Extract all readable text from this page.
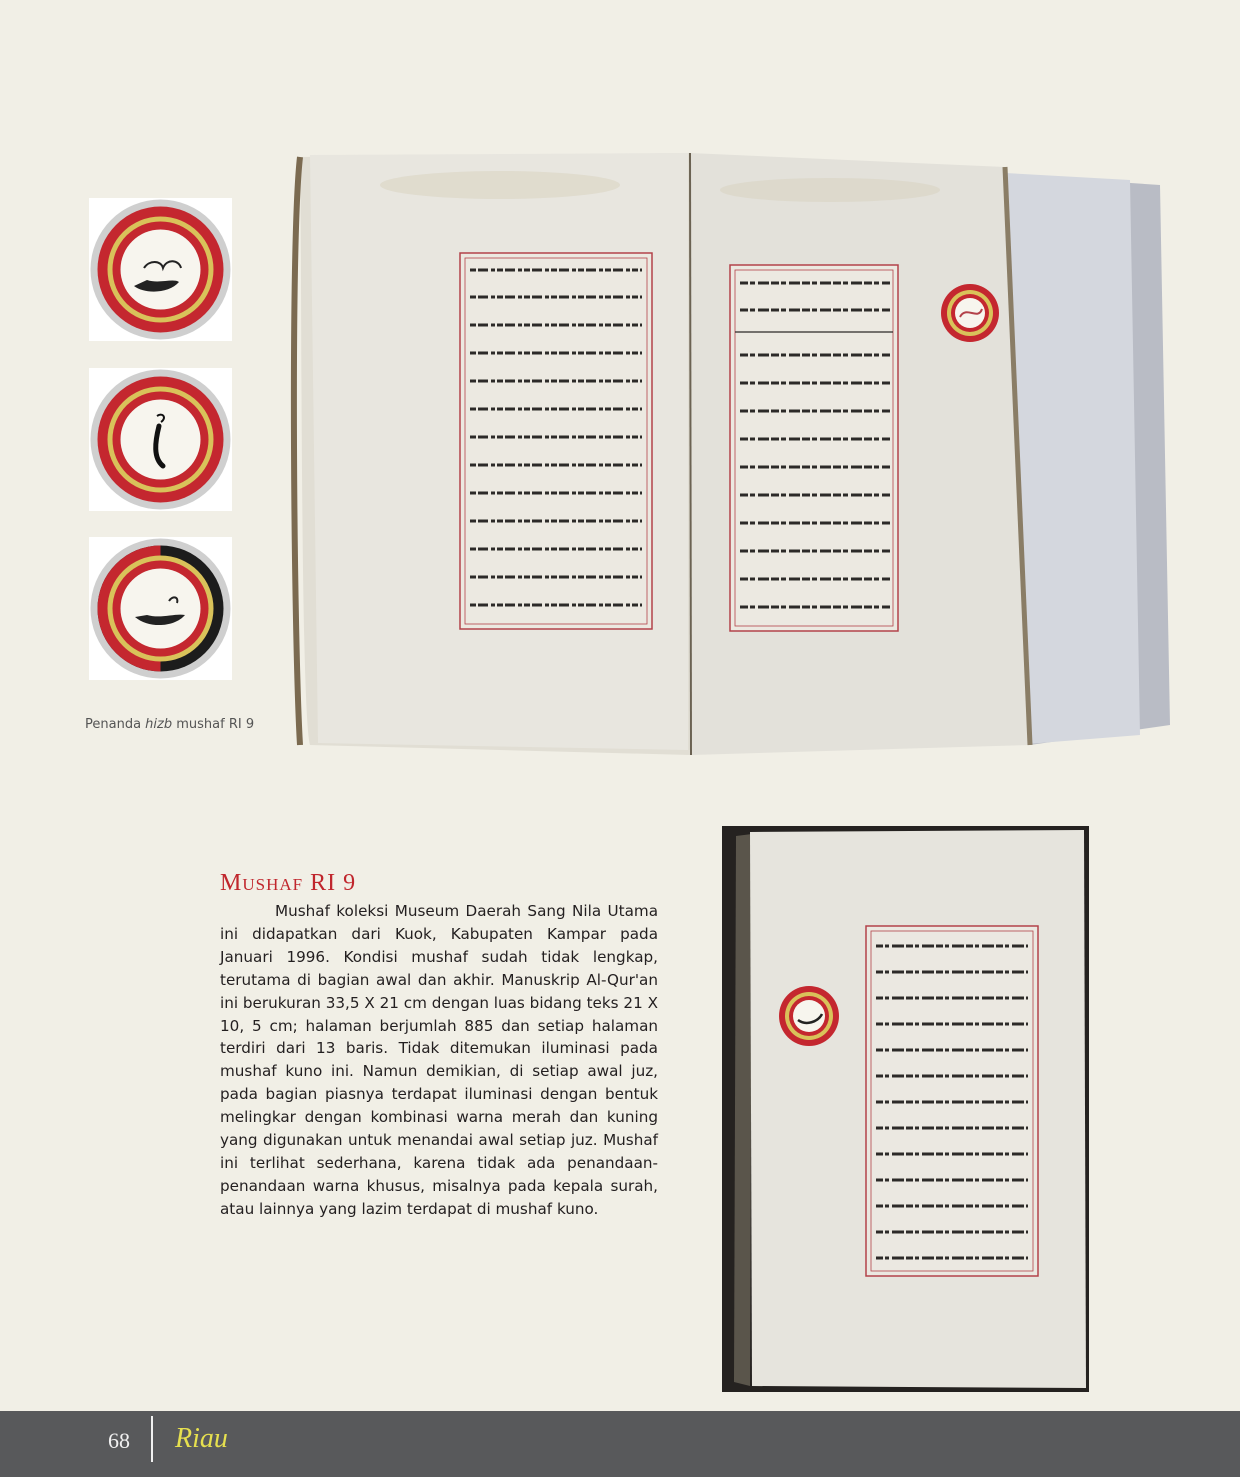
Penanda hizb mushaf RI 9
Mushaf RI 9

Mushaf koleksi Museum Daerah Sang Nila Utama ini didapatkan dari Kuok, Kabupaten Kampar pada Januari 1996. Kondisi mushaf sudah tidak lengkap, terutama di bagian awal dan akhir. Manuskrip Al-Qur'an ini berukuran 33,5 X 21 cm dengan luas bidang teks 21 X 10, 5 cm; halaman berjumlah 885 dan setiap halaman terdiri dari 13 baris. Tidak ditemukan iluminasi pada mushaf kuno ini. Namun demikian, di setiap awal juz, pada bagian piasnya terdapat iluminasi dengan bentuk melingkar dengan kombinasi warna merah dan kuning yang digunakan untuk menandai awal setiap juz. Mushaf ini terlihat sederhana, karena tidak ada penandaan-penandaan warna khusus, misalnya pada kepala surah, atau lainnya yang lazim terdapat di mushaf kuno.

68 Riau
